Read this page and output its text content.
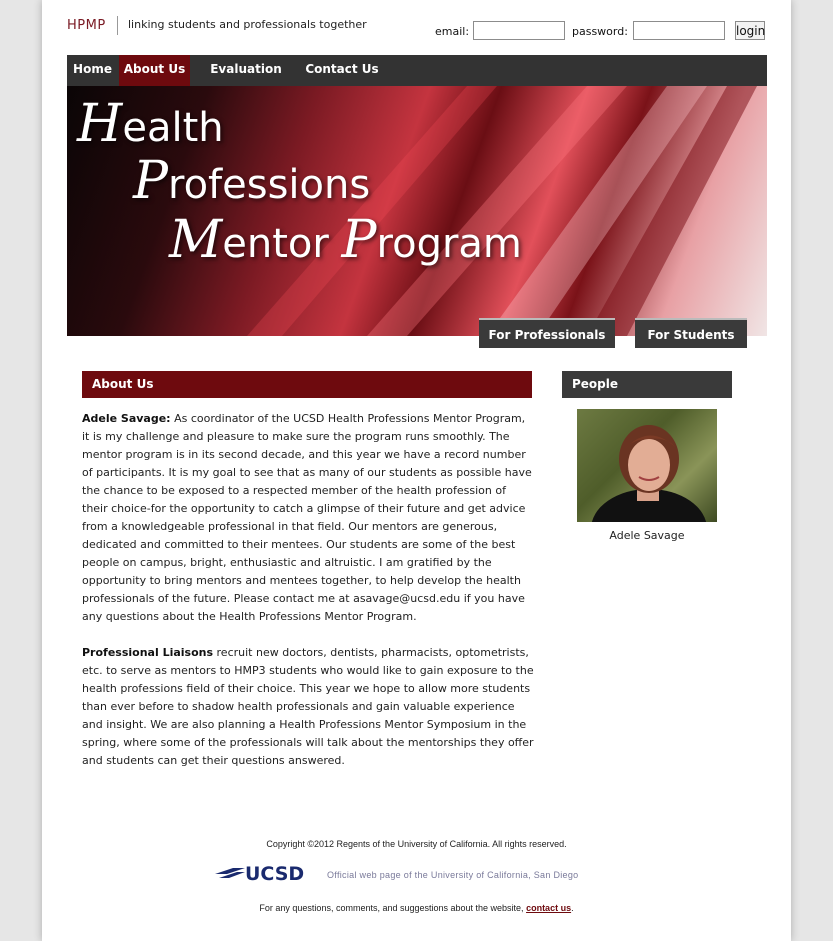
HPMP linking students and professionals together
email:	password:	login
Home About Us	Evaluation	Contact Us
Health
Professions
Mentor Program
For Professionals	For Students
About Us

Adele Savage: As coordinator of the UCSD Health Professions Mentor Program, it is my challenge and pleasure to make sure the program runs smoothly. The mentor program is in its second decade, and this year we have a record number of participants. It is my goal to see that as many of our students as possible have the chance to be exposed to a respected member of the health profession of their choice-for the opportunity to catch a glimpse of their future and get advice from a knowledgeable professional in that field. Our mentors are generous, dedicated and committed to their mentees. Our students are some of the best people on campus, bright, enthusiastic and altruistic. I am gratified by the opportunity to bring mentors and mentees together, to help develop the health professionals of the future. Please contact me at asavage@ucsd.edu if you have any questions about the Health Professions Mentor Program.

Professional Liaisons recruit new doctors, dentists, pharmacists, optometrists, etc. to serve as mentors to HMP3 students who would like to gain exposure to the health professions field of their choice. This year we hope to allow more students than ever before to shadow health professionals and gain valuable experience and insight. We are also planning a Health Professions Mentor Symposium in the spring, where some of the professionals will talk about the mentorships they offer and students can get their questions answered.

People
Adele Savage
Copyright ©2012 Regents of the University of California. All rights reserved.
UCSD	Official web page of the University of California, San Diego
For any questions, comments, and suggestions about the website, contact us.
